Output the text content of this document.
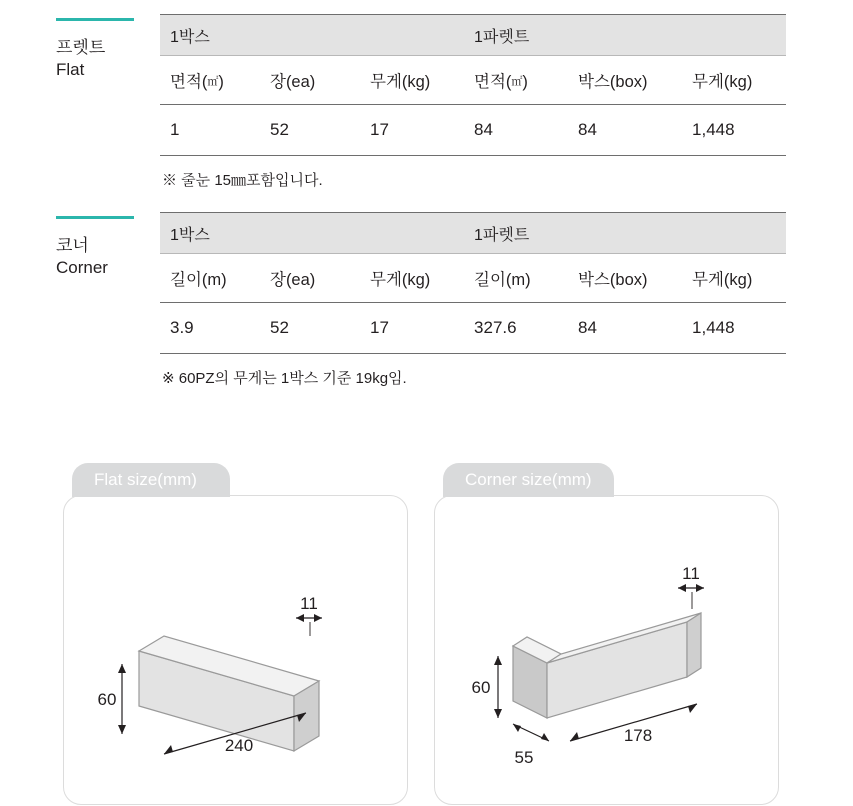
프렛트
Flat
1박스			1파렛트		
면적(㎡)	장(ea)	무게(kg)	면적(㎡)	박스(box)	무게(kg)
1	52	17	84	84	1,448
※ 줄눈 15㎜포함입니다.
코너
Corner
1박스			1파렛트		
길이(m)	장(ea)	무게(kg)	길이(m)	박스(box)	무게(kg)
3.9	52	17	327.6	84	1,448
※ 60PZ의 무게는 1박스 기준 19kg임.
Flat size(mm)
11
60
240
Corner size(mm)
11
60
55
178
